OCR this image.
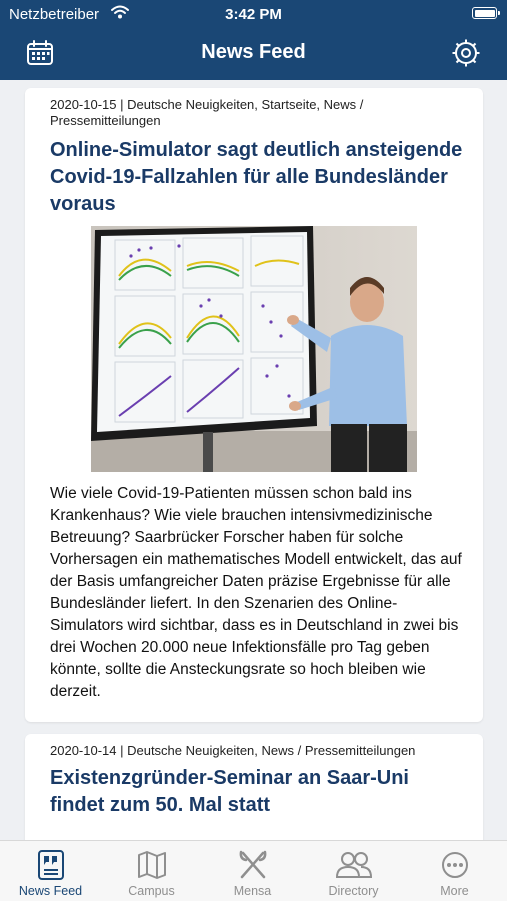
Netzbetreiber	3:42 PM
News Feed
2020-10-15 | Deutsche Neuigkeiten, Startseite, News / Pressemitteilungen
Online-Simulator sagt deutlich ansteigende Covid-19-Fallzahlen für alle Bundesländer voraus
Wie viele Covid-19-Patienten müssen schon bald ins Krankenhaus? Wie viele brauchen intensivmedizinische Betreuung? Saarbrücker Forscher haben für solche Vorhersagen ein mathematisches Modell entwickelt, das auf der Basis umfangreicher Daten präzise Ergebnisse für alle Bundesländer liefert. In den Szenarien des Online-Simulators wird sichtbar, dass es in Deutschland in zwei bis drei Wochen 20.000 neue Infektionsfälle pro Tag geben könnte, sollte die Ansteckungsrate so hoch bleiben wie derzeit.
2020-10-14 | Deutsche Neuigkeiten, News / Pressemitteilungen
Existenzgründer-Seminar an Saar-Uni findet zum 50. Mal statt
News Feed	Campus	Mensa	Directory	More
